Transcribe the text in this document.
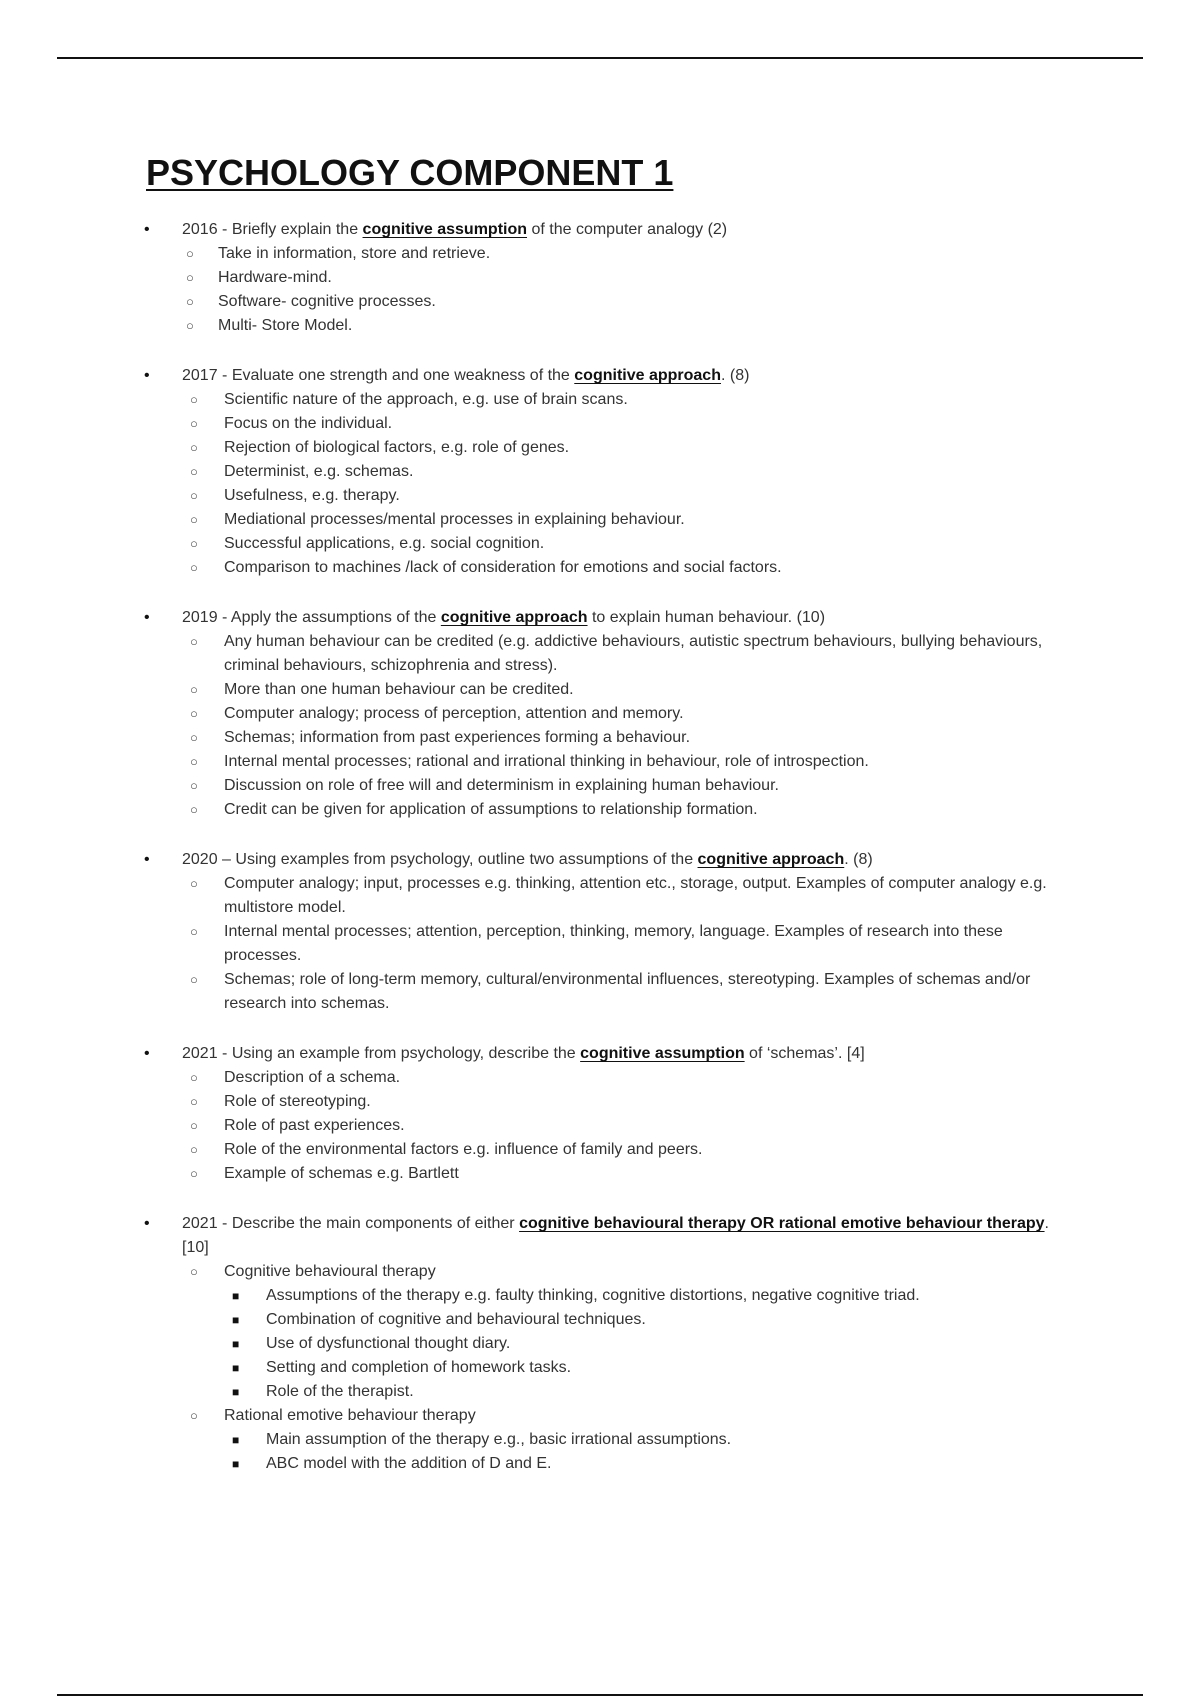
PSYCHOLOGY COMPONENT 1
• 2016 - Briefly explain the cognitive assumption of the computer analogy (2)
○ Take in information, store and retrieve.
○ Hardware-mind.
○ Software- cognitive processes.
○ Multi- Store Model.
• 2017 - Evaluate one strength and one weakness of the cognitive approach. (8)
○ Scientific nature of the approach, e.g. use of brain scans.
○ Focus on the individual.
○ Rejection of biological factors, e.g. role of genes.
○ Determinist, e.g. schemas.
○ Usefulness, e.g. therapy.
○ Mediational processes/mental processes in explaining behaviour.
○ Successful applications, e.g. social cognition.
○ Comparison to machines /lack of consideration for emotions and social factors.
• 2019 - Apply the assumptions of the cognitive approach to explain human behaviour. (10)
○ Any human behaviour can be credited (e.g. addictive behaviours, autistic spectrum behaviours, bullying behaviours, criminal behaviours, schizophrenia and stress).
○ More than one human behaviour can be credited.
○ Computer analogy; process of perception, attention and memory.
○ Schemas; information from past experiences forming a behaviour.
○ Internal mental processes; rational and irrational thinking in behaviour, role of introspection.
○ Discussion on role of free will and determinism in explaining human behaviour.
○ Credit can be given for application of assumptions to relationship formation.
• 2020 – Using examples from psychology, outline two assumptions of the cognitive approach. (8)
○ Computer analogy; input, processes e.g. thinking, attention etc., storage, output. Examples of computer analogy e.g. multistore model.
○ Internal mental processes; attention, perception, thinking, memory, language. Examples of research into these processes.
○ Schemas; role of long-term memory, cultural/environmental influences, stereotyping. Examples of schemas and/or research into schemas.
• 2021 - Using an example from psychology, describe the cognitive assumption of ‘schemas’. [4]
○ Description of a schema.
○ Role of stereotyping.
○ Role of past experiences.
○ Role of the environmental factors e.g. influence of family and peers.
○ Example of schemas e.g. Bartlett
• 2021 - Describe the main components of either cognitive behavioural therapy OR rational emotive behaviour therapy. [10]
○ Cognitive behavioural therapy
■ Assumptions of the therapy e.g. faulty thinking, cognitive distortions, negative cognitive triad.
■ Combination of cognitive and behavioural techniques.
■ Use of dysfunctional thought diary.
■ Setting and completion of homework tasks.
■ Role of the therapist.
○ Rational emotive behaviour therapy
■ Main assumption of the therapy e.g., basic irrational assumptions.
■ ABC model with the addition of D and E.
